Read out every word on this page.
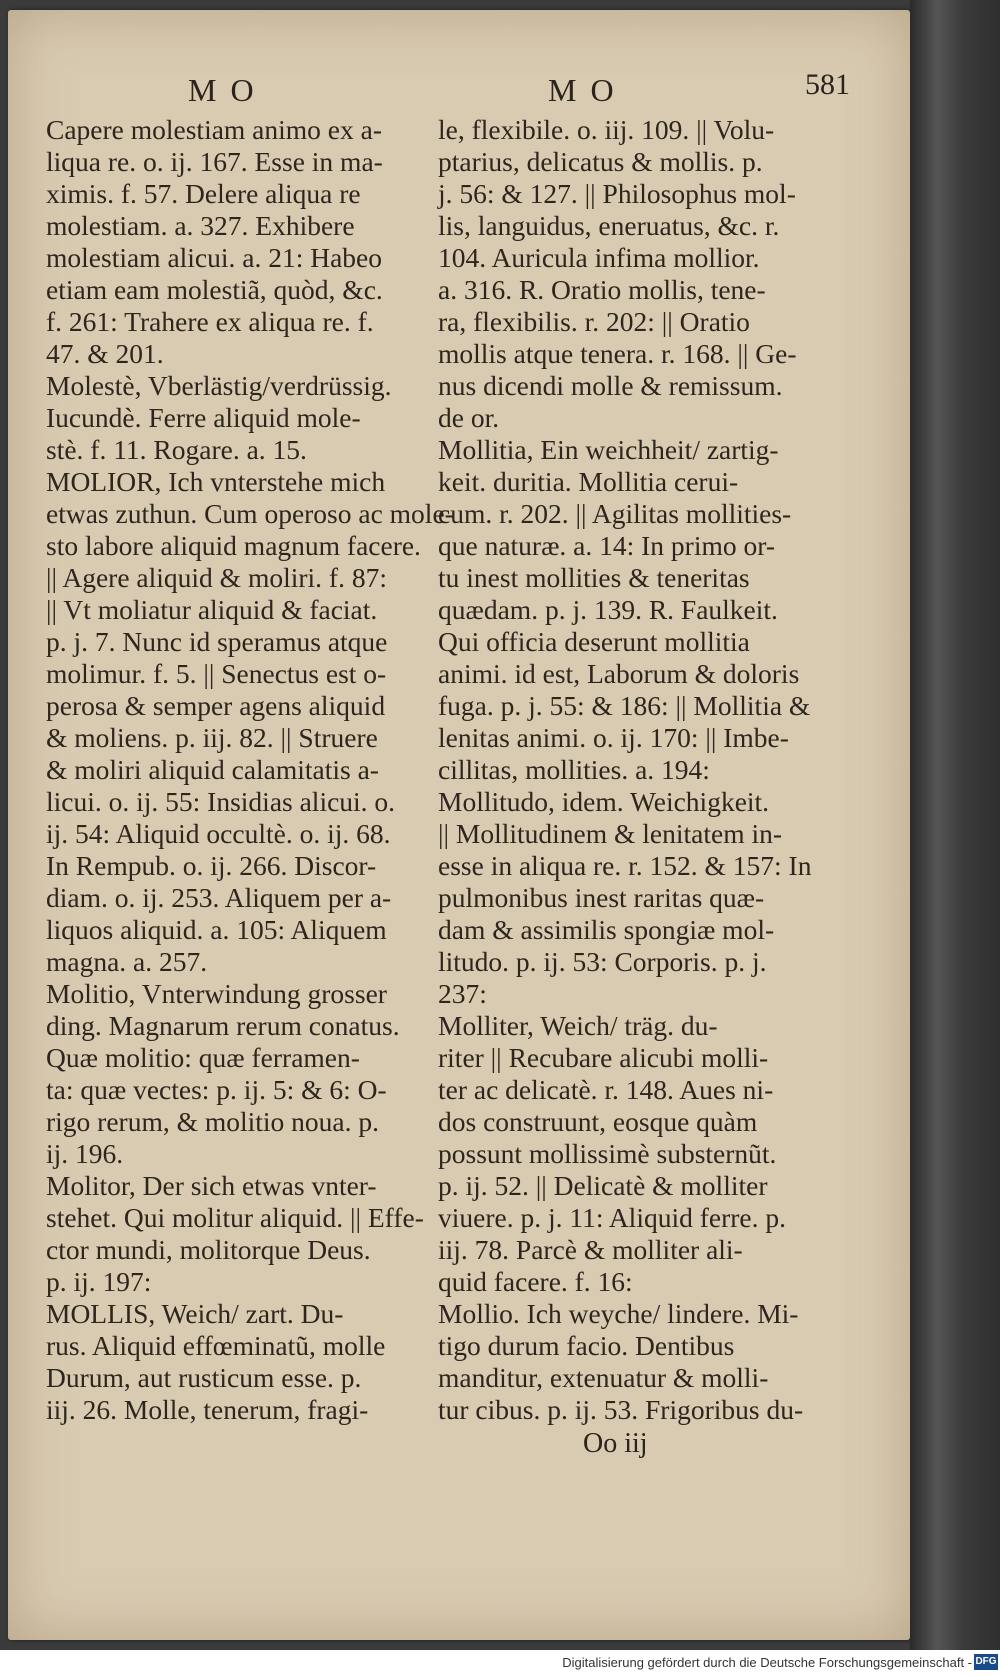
MO	MO	581

Capere molestiam animo ex a-

liqua re. o. ij. 167. Esse in ma-

ximis. f. 57. Delere aliqua re

molestiam. a. 327. Exhibere

molestiam alicui. a. 21: Habeo

etiam eam molestiã, quòd, &c.

f. 261: Trahere ex aliqua re. f.

47. & 201.

Molestè, Vberlästig/verdrüssig.

Iucundè. Ferre aliquid mole-

stè. f. 11. Rogare. a. 15.

MOLIOR, Ich vnterstehe mich

etwas zuthun. Cum operoso ac mole-

sto labore aliquid magnum facere.

|| Agere aliquid & moliri. f. 87:

|| Vt moliatur aliquid & faciat.

p. j. 7. Nunc id speramus atque

molimur. f. 5. || Senectus est o-

perosa & semper agens aliquid

& moliens. p. iij. 82. || Struere

& moliri aliquid calamitatis a-

licui. o. ij. 55: Insidias alicui. o.

ij. 54: Aliquid occultè. o. ij. 68.

In Rempub. o. ij. 266. Discor-

diam. o. ij. 253. Aliquem per a-

liquos aliquid. a. 105: Aliquem

magna. a. 257.

Molitio, Vnterwindung grosser

ding. Magnarum rerum conatus.

Quæ molitio: quæ ferramen-

ta: quæ vectes: p. ij. 5: & 6: O-

rigo rerum, & molitio noua. p.

ij. 196.

Molitor, Der sich etwas vnter-

stehet. Qui molitur aliquid. || Effe-

ctor mundi, molitorque Deus.

p. ij. 197:

MOLLIS, Weich/ zart. Du-

rus. Aliquid effœminatũ, molle

Durum, aut rusticum esse. p.

iij. 26. Molle, tenerum, fragi-

le, flexibile. o. iij. 109. || Volu-

ptarius, delicatus & mollis. p.

j. 56: & 127. || Philosophus mol-

lis, languidus, eneruatus, &c. r.

104. Auricula infima mollior.

a. 316. R. Oratio mollis, tene-

ra, flexibilis. r. 202: || Oratio

mollis atque tenera. r. 168. || Ge-

nus dicendi molle & remissum.

de or.

Mollitia, Ein weichheit/ zartig-

keit. duritia. Mollitia cerui-

cum. r. 202. || Agilitas mollities-

que naturæ. a. 14: In primo or-

tu inest mollities & teneritas

quædam. p. j. 139. R. Faulkeit.

Qui officia deserunt mollitia

animi. id est, Laborum & doloris

fuga. p. j. 55: & 186: || Mollitia &

lenitas animi. o. ij. 170: || Imbe-

cillitas, mollities. a. 194:

Mollitudo, idem. Weichigkeit.

|| Mollitudinem & lenitatem in-

esse in aliqua re. r. 152. & 157: In

pulmonibus inest raritas quæ-

dam & assimilis spongiæ mol-

litudo. p. ij. 53: Corporis. p. j.

237:

Molliter, Weich/ träg. du-

riter || Recubare alicubi molli-

ter ac delicatè. r. 148. Aues ni-

dos construunt, eosque quàm

possunt mollissimè substernũt.

p. ij. 52. || Delicatè & molliter

viuere. p. j. 11: Aliquid ferre. p.

iij. 78. Parcè & molliter ali-

quid facere. f. 16:

Mollio. Ich weyche/ lindere. Mi-

tigo durum facio. Dentibus

manditur, extenuatur & molli-

tur cibus. p. ij. 53. Frigoribus du-

Oo iij
Digitalisierung gefördert durch die Deutsche Forschungsgemeinschaft - DFG
